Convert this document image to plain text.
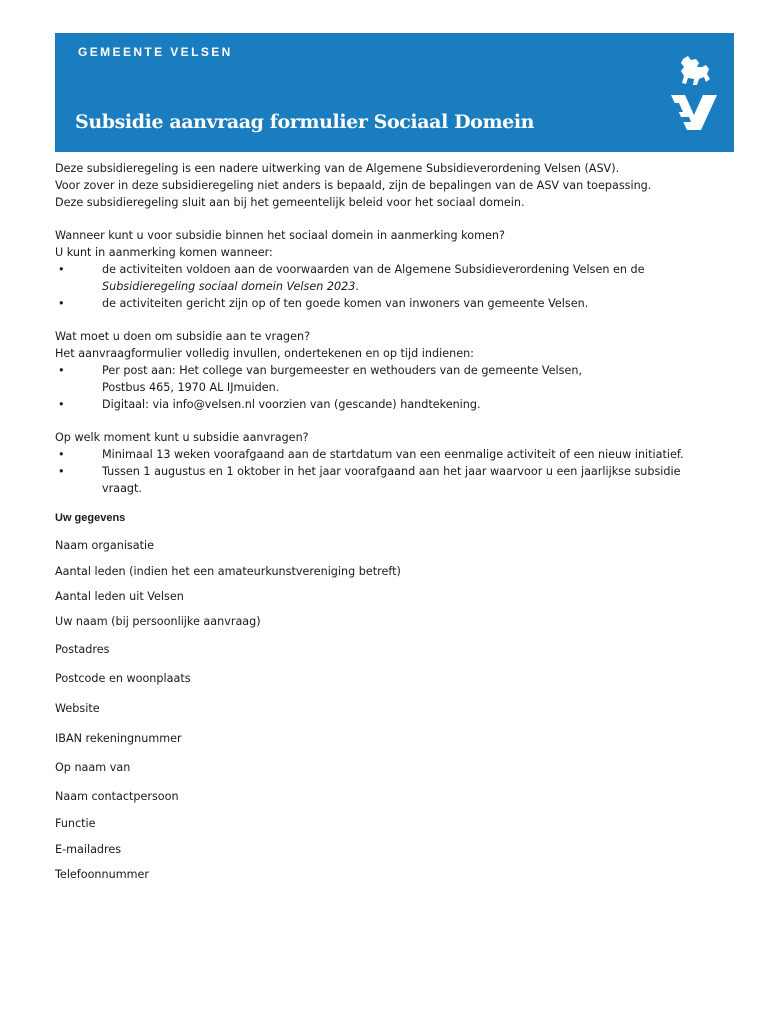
GEMEENTE VELSEN
Subsidie aanvraag formulier Sociaal Domein

Deze subsidieregeling is een nadere uitwerking van de Algemene Subsidieverordening Velsen (ASV).

Voor zover in deze subsidieregeling niet anders is bepaald, zijn de bepalingen van de ASV van toepassing.

Deze subsidieregeling sluit aan bij het gemeentelijk beleid voor het sociaal domein.

Wanneer kunt u voor subsidie binnen het sociaal domein in aanmerking komen?

U kunt in aanmerking komen wanneer:

•	de activiteiten voldoen aan de voorwaarden van de Algemene Subsidieverordening Velsen en de

Subsidieregeling sociaal domein Velsen 2023.

•	de activiteiten gericht zijn op of ten goede komen van inwoners van gemeente Velsen.

Wat moet u doen om subsidie aan te vragen?

Het aanvraagformulier volledig invullen, ondertekenen en op tijd indienen:

•	Per post aan: Het college van burgemeester en wethouders van de gemeente Velsen,

Postbus 465, 1970 AL IJmuiden.

•	Digitaal: via info@velsen.nl voorzien van (gescande) handtekening.

Op welk moment kunt u subsidie aanvragen?

•	Minimaal 13 weken voorafgaand aan de startdatum van een eenmalige activiteit of een nieuw initiatief.

•	Tussen 1 augustus en 1 oktober in het jaar voorafgaand aan het jaar waarvoor u een jaarlijkse subsidie

vraagt.

Uw gegevens
Naam organisatie
Aantal leden (indien het een amateurkunstvereniging betreft)
Aantal leden uit Velsen
Uw naam (bij persoonlijke aanvraag)
Postadres
Postcode en woonplaats
Website
IBAN rekeningnummer
Op naam van
Naam contactpersoon
Functie
E-mailadres
Telefoonnummer
